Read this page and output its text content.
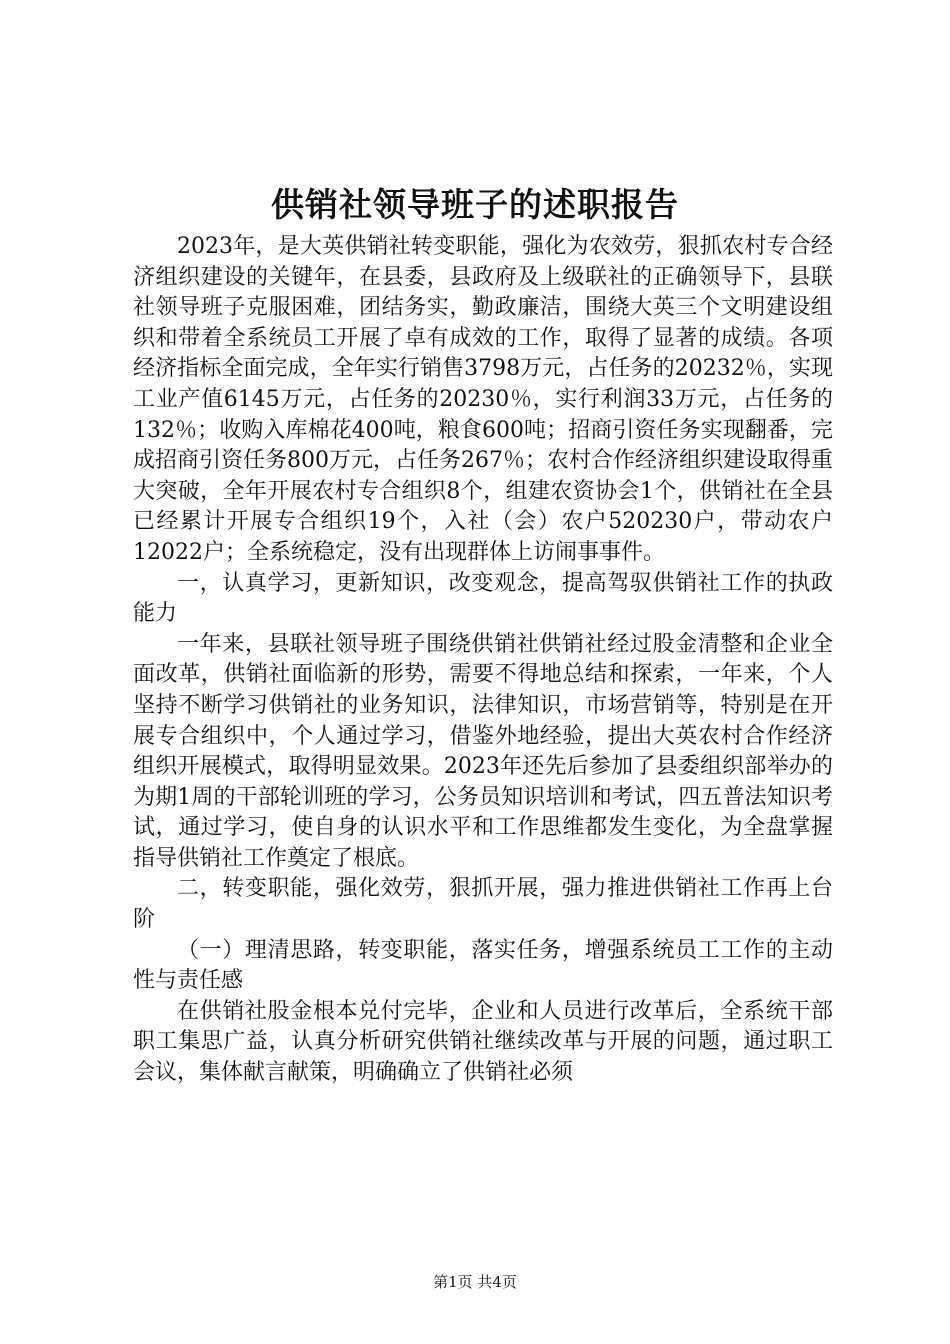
供销社领导班子的述职报告

2023年，是大英供销社转变职能，强化为农效劳，狠抓农村专合经济组织建设的关键年，在县委，县政府及上级联社的正确领导下，县联社领导班子克服困难，团结务实，勤政廉洁，围绕大英三个文明建设组织和带着全系统员工开展了卓有成效的工作，取得了显著的成绩。各项经济指标全面完成，全年实行销售3798万元，占任务的20232％，实现工业产值6145万元，占任务的20230％，实行利润33万元，占任务的132％；收购入库棉花400吨，粮食600吨；招商引资任务实现翻番，完成招商引资任务800万元，占任务267％；农村合作经济组织建设取得重大突破，全年开展农村专合组织8个，组建农资协会1个，供销社在全县已经累计开展专合组织19个，入社（会）农户520230户，带动农户12022户；全系统稳定，没有出现群体上访闹事事件。

一，认真学习，更新知识，改变观念，提高驾驭供销社工作的执政能力

一年来，县联社领导班子围绕供销社供销社经过股金清整和企业全面改革，供销社面临新的形势，需要不得地总结和探索，一年来，个人坚持不断学习供销社的业务知识，法律知识，市场营销等，特别是在开展专合组织中，个人通过学习，借鉴外地经验，提出大英农村合作经济组织开展模式，取得明显效果。2023年还先后参加了县委组织部举办的为期1周的干部轮训班的学习，公务员知识培训和考试，四五普法知识考试，通过学习，使自身的认识水平和工作思维都发生变化，为全盘掌握指导供销社工作奠定了根底。

二，转变职能，强化效劳，狠抓开展，强力推进供销社工作再上台阶

（一）理清思路，转变职能，落实任务，增强系统员工工作的主动性与责任感

在供销社股金根本兑付完毕，企业和人员进行改革后，全系统干部职工集思广益，认真分析研究供销社继续改革与开展的问题，通过职工会议，集体献言献策，明确确立了供销社必须

第1页 共4页
